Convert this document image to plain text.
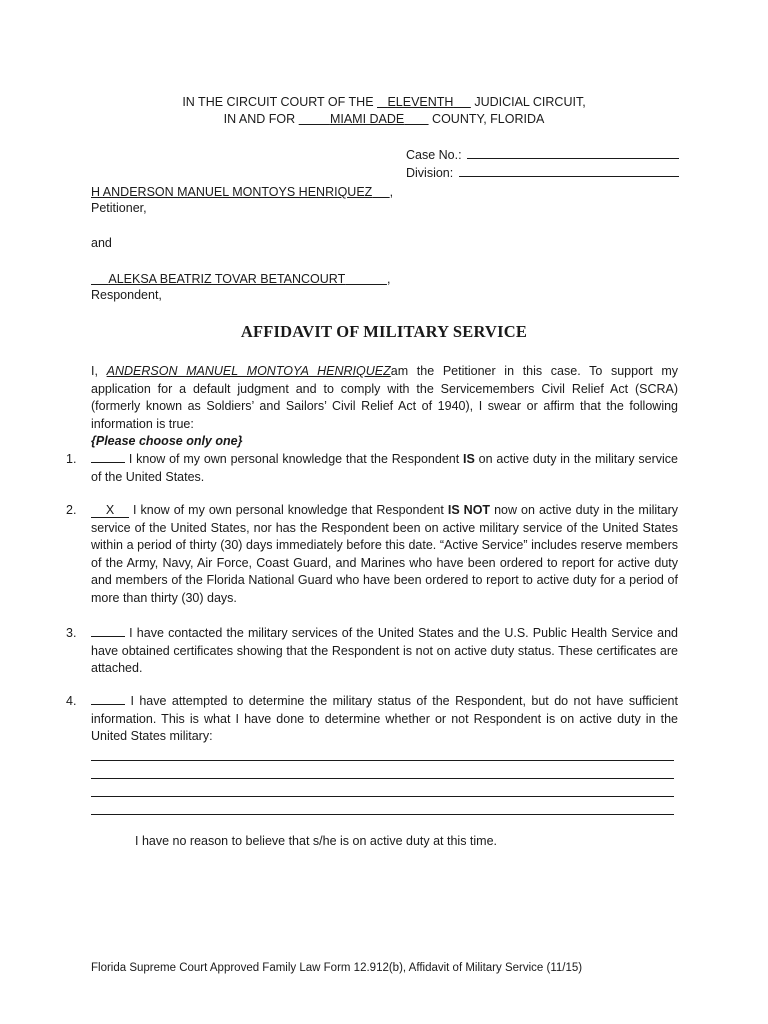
IN THE CIRCUIT COURT OF THE ELEVENTH JUDICIAL CIRCUIT,
IN AND FOR	MIAMI DADE COUNTY, FLORIDA
Case No.:
Division:
H ANDERSON MANUEL MONTOYS HENRIQUEZ ,
Petitioner,
and
ALEKSA BEATRIZ TOVAR BETANCOURT	,
Respondent,
AFFIDAVIT OF MILITARY SERVICE
I, ANDERSON MANUEL MONTOYA HENRIQUEZam the Petitioner in this case. To support my application for a default judgment and to comply with the Servicemembers Civil Relief Act (SCRA) (formerly known as Soldiers’ and Sailors’ Civil Relief Act of 1940), I swear or affirm that the following information is true:
{Please choose only one}
1.	I know of my own personal knowledge that the Respondent IS on active duty in the military service of the United States.
2.	X I know of my own personal knowledge that Respondent IS NOT now on active duty in the military service of the United States, nor has the Respondent been on active military service of the United States within a period of thirty (30) days immediately before this date. “Active Service” includes reserve members of the Army, Navy, Air Force, Coast Guard, and Marines who have been ordered to report for active duty and members of the Florida National Guard who have been ordered to report to active duty for a period of more than thirty (30) days.
3.	I have contacted the military services of the United States and the U.S. Public Health Service and have obtained certificates showing that the Respondent is not on active duty status. These certificates are attached.
4.	I have attempted to determine the military status of the Respondent, but do not have sufficient information. This is what I have done to determine whether or not Respondent is on active duty in the United States military:
I have no reason to believe that s/he is on active duty at this time.
Florida Supreme Court Approved Family Law Form 12.912(b), Affidavit of Military Service (11/15)
